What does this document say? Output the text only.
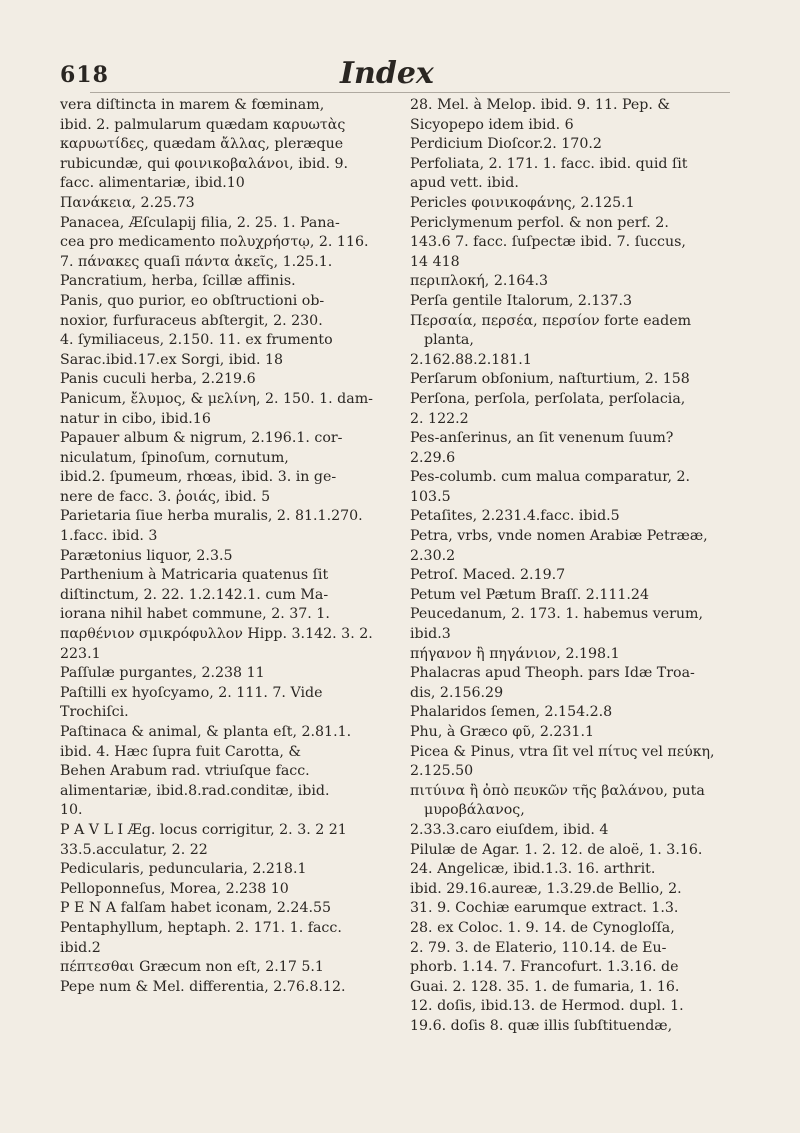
618	Index
vera diſtincta in marem & fœminam,
ibid. 2. palmularum quædam καρυωτὰς
καρυωτίδες, quædam ἄλλας, pleræque
rubicundæ, qui φοινικοβαλάνοι, ibid. 9.
facc. alimentariæ, ibid.10
Πανάκεια, 2.25.73
Panacea, Æſculapij filia, 2. 25. 1. Pana-
cea pro medicamento πολυχρήστῳ, 2. 116.
7. πάνακες quaſi πάντα ἀκεῖς, 1.25.1.
Pancratium, herba, ſcillæ affinis.
Panis, quo purior, eo obſtructioni ob-
noxior, furfuraceus abſtergit, 2. 230.
4. ſymiliaceus, 2.150. 11. ex frumento
Sarac.ibid.17.ex Sorgi, ibid. 18
Panis cuculi herba, 2.219.6
Panicum, ἔλυμος, & μελίνη, 2. 150. 1. dam-
natur in cibo, ibid.16
Papauer album & nigrum, 2.196.1. cor-
niculatum, ſpinoſum, cornutum,
ibid.2. ſpumeum, rhœas, ibid. 3. in ge-
nere de facc. 3. ῥοιάς, ibid. 5
Parietaria ſiue herba muralis, 2. 81.1.270.
1.facc. ibid. 3
Parætonius liquor, 2.3.5
Parthenium à Matricaria quatenus ſit
diſtinctum, 2. 22. 1.2.142.1. cum Ma-
iorana nihil habet commune, 2. 37. 1.
παρθένιον σμικρόφυλλον Hipp. 3.142. 3. 2.
223.1
Paſſulæ purgantes, 2.238 11
Paſtilli ex hyoſcyamo, 2. 111. 7. Vide
Trochiſci.
Paſtinaca & animal, & planta eſt, 2.81.1.
ibid. 4. Hæc ſupra fuit Carotta, &
Behen Arabum rad. vtriuſque facc.
alimentariæ, ibid.8.rad.conditæ, ibid.
10.
P A V L I Æg. locus corrigitur, 2. 3. 2 21
33.5.acculatur, 2. 22
Pedicularis, peduncularia, 2.218.1
Pelloponneſus, Morea, 2.238 10
P E N A falſam habet iconam, 2.24.55
Pentaphyllum, heptaph. 2. 171. 1. facc.
ibid.2
πέπτεσθαι Græcum non eſt, 2.17 5.1
Pepe num & Mel. differentia, 2.76.8.12.
28. Mel. à Melop. ibid. 9. 11. Pep. &
Sicyopepo idem ibid. 6
Perdicium Dioſcor.2. 170.2
Perfoliata, 2. 171. 1. facc. ibid. quid ſit
apud vett. ibid.
Pericles φοινικοφάνης, 2.125.1
Periclymenum perfol. & non perf. 2.
143.6 7. facc. ſuſpectæ ibid. 7. ſuccus,
14 418
περιπλοκή, 2.164.3
Perſa gentile Italorum, 2.137.3
Περσαία, περσέα, περσίον forte eadem planta,
2.162.88.2.181.1
Perſarum obſonium, naſturtium, 2. 158
Perſona, perſola, perſolata, perſolacia,
2. 122.2
Pes-anſerinus, an ſit venenum ſuum?
2.29.6
Pes-columb. cum malua comparatur, 2.
103.5
Petaſites, 2.231.4.facc. ibid.5
Petra, vrbs, vnde nomen Arabiæ Petrææ,
2.30.2
Petroſ. Maced. 2.19.7
Petum vel Pætum Braſſ. 2.111.24
Peucedanum, 2. 173. 1. habemus verum,
ibid.3
πήγανον ἢ πηγάνιον, 2.198.1
Phalacras apud Theoph. pars Idæ Troa-
dis, 2.156.29
Phalaridos ſemen, 2.154.2.8
Phu, à Græco φῦ, 2.231.1
Picea & Pinus, vtra ſit vel πίτυς vel πεύκη,
2.125.50
πιτύινα ἢ ὀπὸ πευκῶν τῆς βαλάνου, puta μυροβάλανος,
2.33.3.caro eiuſdem, ibid. 4
Pilulæ de Agar. 1. 2. 12. de aloë, 1. 3.16.
24. Angelicæ, ibid.1.3. 16. arthrit.
ibid. 29.16.aureæ, 1.3.29.de Bellio, 2.
31. 9. Cochiæ earumque extract. 1.3.
28. ex Coloc. 1. 9. 14. de Cynogloſſa,
2. 79. 3. de Elaterio, 110.14. de Eu-
phorb. 1.14. 7. Francofurt. 1.3.16. de
Guai. 2. 128. 35. 1. de fumaria, 1. 16.
12. doſis, ibid.13. de Hermod. dupl. 1.
19.6. doſis 8. quæ illis ſubſtituendæ,
